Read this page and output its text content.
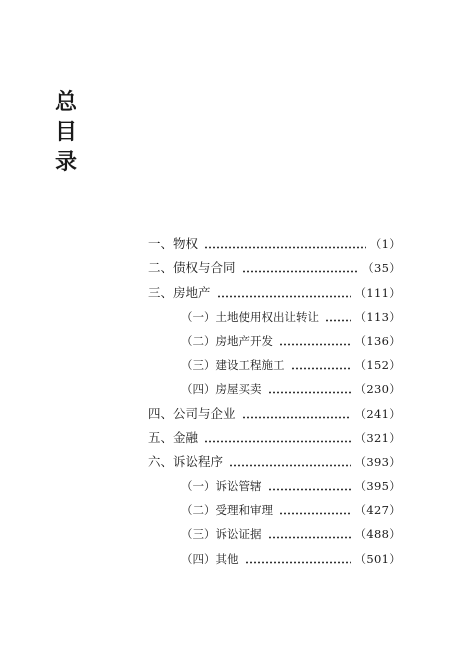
总
目
录
一、物权	（1）
二、债权与合同	（35）
三、房地产	（111）
（一）土地使用权出让转让	（113）
（二）房地产开发	（136）
（三）建设工程施工	（152）
（四）房屋买卖	（230）
四、公司与企业	（241）
五、金融	（321）
六、诉讼程序	（393）
（一）诉讼管辖	（395）
（二）受理和审理	（427）
（三）诉讼证据	（488）
（四）其他	（501）
